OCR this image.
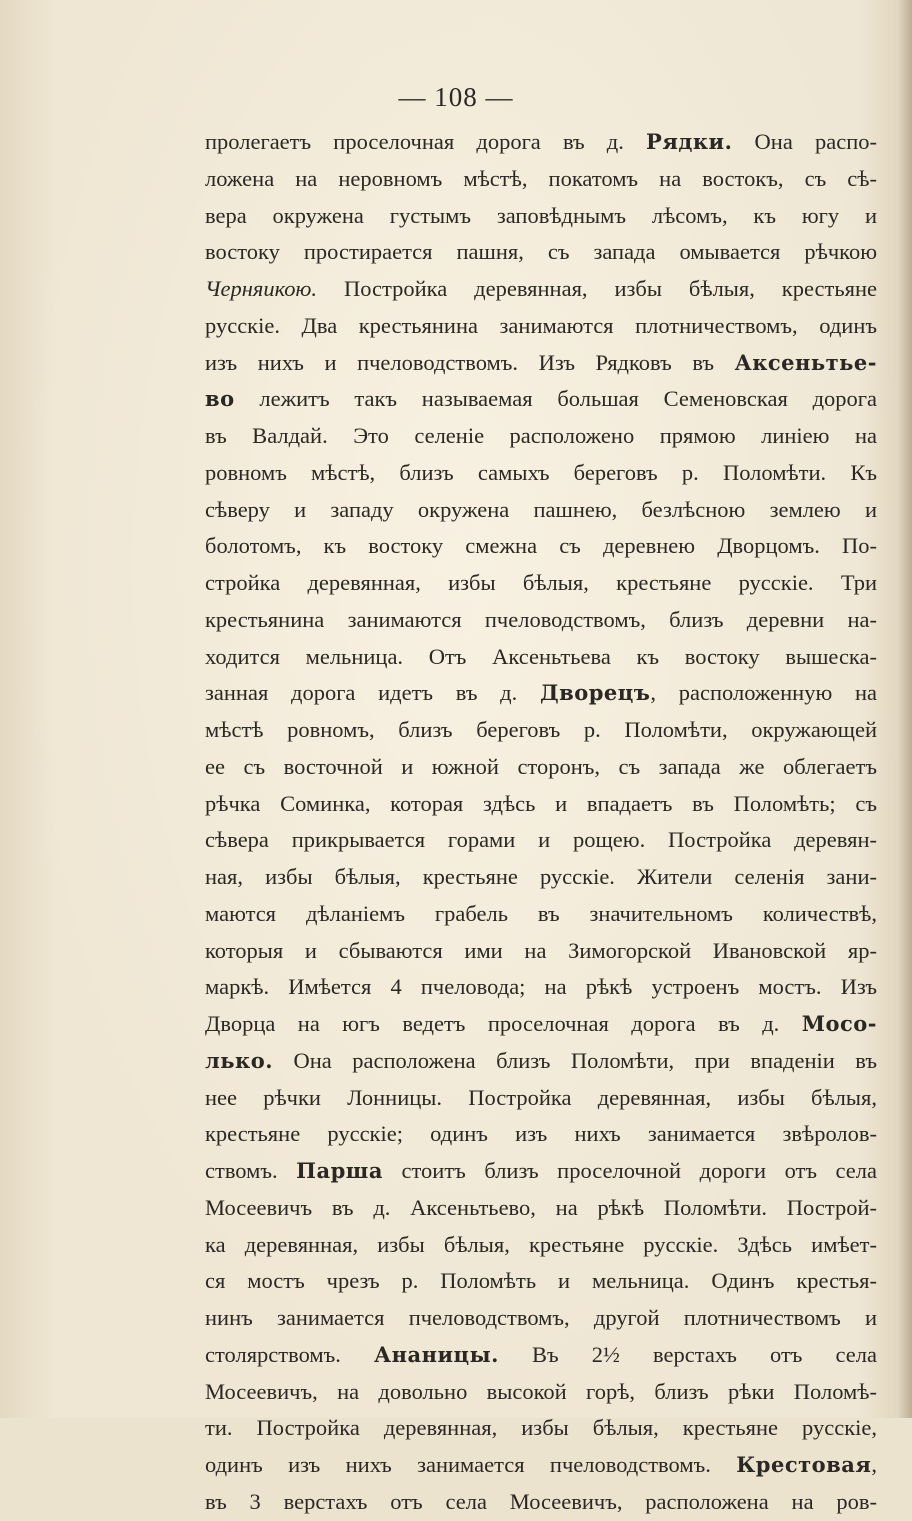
— 108 —
пролегаетъ проселочная дорога въ д. Рядки. Она распо-
ложена на неровномъ мѣстѣ, покатомъ на востокъ, съ сѣ-
вера окружена густымъ заповѣднымъ лѣсомъ, къ югу и
востоку простирается пашня, съ запада омывается рѣчкою
Черняикою. Постройка деревянная, избы бѣлыя, крестьяне
русскіе. Два крестьянина занимаются плотничествомъ, одинъ
изъ нихъ и пчеловодствомъ. Изъ Рядковъ въ Аксеньтье-
во лежитъ такъ называемая большая Семеновская дорога
въ Валдай. Это селеніе расположено прямою линіею на
ровномъ мѣстѣ, близъ самыхъ береговъ р. Поломѣти. Къ
сѣверу и западу окружена пашнею, безлѣсною землею и
болотомъ, къ востоку смежна съ деревнею Дворцомъ. По-
стройка деревянная, избы бѣлыя, крестьяне русскіе. Три
крестьянина занимаются пчеловодствомъ, близъ деревни на-
ходится мельница. Отъ Аксеньтьева къ востоку вышеска-
занная дорога идетъ въ д. Дворецъ, расположенную на
мѣстѣ ровномъ, близъ береговъ р. Поломѣти, окружающей
ее съ восточной и южной сторонъ, съ запада же облегаетъ
рѣчка Соминка, которая здѣсь и впадаетъ въ Поломѣть; съ
сѣвера прикрывается горами и рощею. Постройка деревян-
ная, избы бѣлыя, крестьяне русскіе. Жители селенія зани-
маются дѣланіемъ грабель въ значительномъ количествѣ,
которыя и сбываются ими на Зимогорской Ивановской яр-
маркѣ. Имѣется 4 пчеловода; на рѣкѣ устроенъ мостъ. Изъ
Дворца на югъ ведетъ проселочная дорога въ д. Мосо-
лько. Она расположена близъ Поломѣти, при впаденіи въ
нее рѣчки Лонницы. Постройка деревянная, избы бѣлыя,
крестьяне русскіе; одинъ изъ нихъ занимается звѣролов-
ствомъ. Парша стоитъ близъ проселочной дороги отъ села
Мосеевичъ въ д. Аксеньтьево, на рѣкѣ Поломѣти. Построй-
ка деревянная, избы бѣлыя, крестьяне русскіе. Здѣсь имѣет-
ся мостъ чрезъ р. Поломѣть и мельница. Одинъ крестья-
нинъ занимается пчеловодствомъ, другой плотничествомъ и
столярствомъ. Ананицы. Въ 2½ верстахъ отъ села
Мосеевичъ, на довольно высокой горѣ, близъ рѣки Поломѣ-
ти. Постройка деревянная, избы бѣлыя, крестьяне русскіе,
одинъ изъ нихъ занимается пчеловодствомъ. Крестовая,
въ 3 верстахъ отъ села Мосеевичъ, расположена на ров-
